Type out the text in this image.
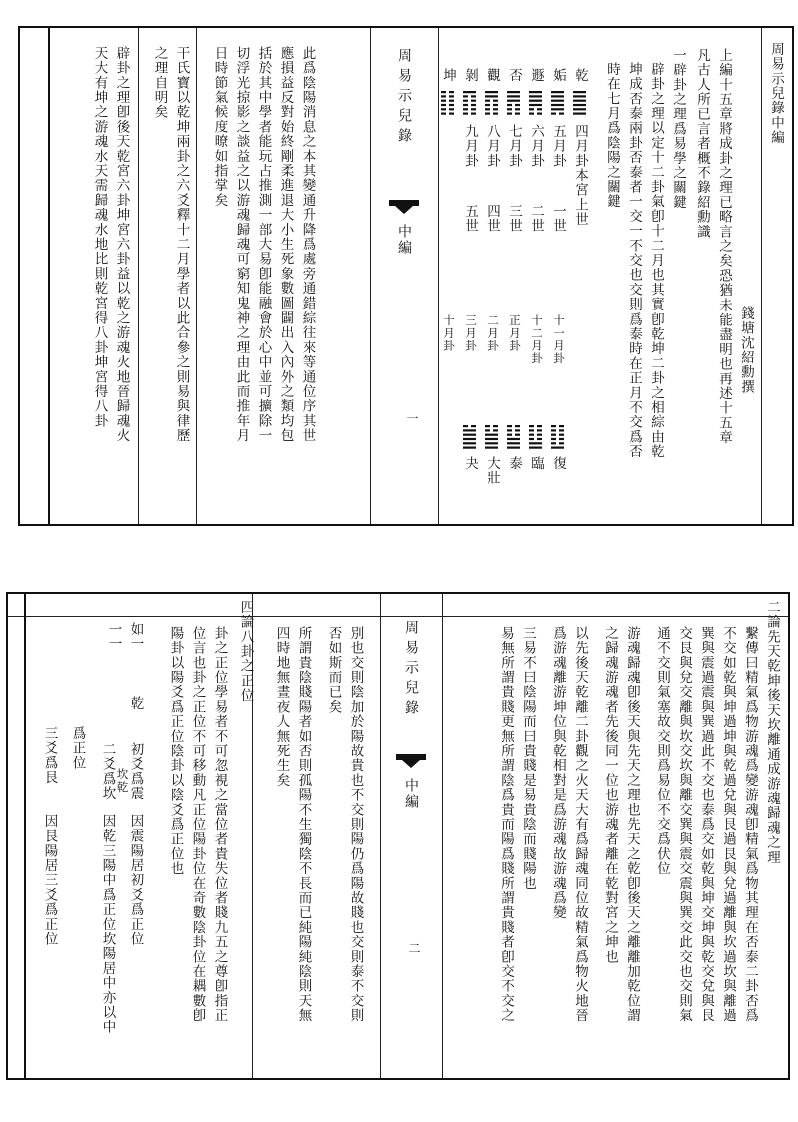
周易示兒錄中編
錢塘沈紹勳撰
上編十五章將成卦之理已略言之矣恐猶未能盡明也再述十五章
凡古人所已言者概不錄紹勳識
一辟卦之理爲易學之關鍵
辟卦之理以定十二卦氣卽十二月也其實卽乾坤二卦之相綜由乾
坤成否泰兩卦否泰者一交一不交也交則爲泰時在正月不交爲否
時在七月爲陰陽之關鍵
周易示兒錄
中編
一
此爲陰陽消息之本其變通升降爲處旁通錯綜往來等通位序其世
應損益反對始終剛柔進退大小生死象數圖闢出入內外之類均包
括於其中學者能玩占推測一部大易卽能融會於心中並可擴除一
切浮光掠影之談益之以游魂歸魂可窮知鬼神之理由此而推年月
日時節氣候度暸如指掌矣
干氏寶以乾坤兩卦之六爻釋十二月學者以此合參之則易與律歷
之理自明矣
辟卦之理卽後天乾宮六卦坤宮六卦益以乾之游魂火地晉歸魂火
天大有坤之游魂水天需歸魂水地比則乾宮得八卦坤宮得八卦	乾
四月卦本宮上世
姤
五月卦
一世
十一月卦
復
遯
六月卦
二世
十二月卦
臨
否
七月卦
三世
正月卦
泰
觀
八月卦
四世
二月卦
大壯
剝
九月卦
五世
三月卦
夬
坤
十月卦
二論先天乾坤後天坎離通成游魂歸魂之理
繫傳曰精氣爲物游魂爲變游魂卽精氣爲物其理在否泰二卦否爲
不交如乾與坤過坤與乾過兌與艮過艮與兌過離與坎過坎與離過
巽與震過震與巽過此不交也泰爲交如乾與坤交坤與乾交兌與艮
交艮與兌交離與坎交坎與離交巽與震交震與巽交此交也交則氣
通不交則氣塞故交則爲易位不交爲伏位
游魂歸魂卽後天與先天之理也先天之乾卽後天之離離加乾位謂
之歸魂游魂者先後同一位也游魂者離在乾對宮之坤也
以先後天乾離二卦觀之火天大有爲歸魂同位故精氣爲物火地晉
爲游魂離游坤位與乾相對是爲游魂故游魂爲變
三易不曰陰陽而曰貴賤是易貴陰而賤陽也
易無所謂貴賤更無所謂陰爲貴而陽爲賤所謂貴賤者卽交不交之
周易示兒錄
中編
二
別也交則陰加於陽故貴也不交則陽仍爲陽故賤也交則泰不交則
否如斯而已矣
所謂貴陰賤陽者如否則孤陽不生獨陰不長而已純陽純陰則天無
四時地無晝夜人無死生矣
四論八卦之正位
卦之正位學易者不可忽視之當位者貴失位者賤九五之尊卽指正
位言也卦之正位不可移動凡正位陽卦位在奇數陰卦位在耦數卽
陽卦以陽爻爲正位陰卦以陰爻爲正位也
如一
乾
初爻爲震
因震陽居初爻爲正位
一一
二爻爲坎 坎乾
因乾三陽中爲正位坎陽居中亦以中
爲正位
三爻爲艮
因艮陽居三爻爲正位
